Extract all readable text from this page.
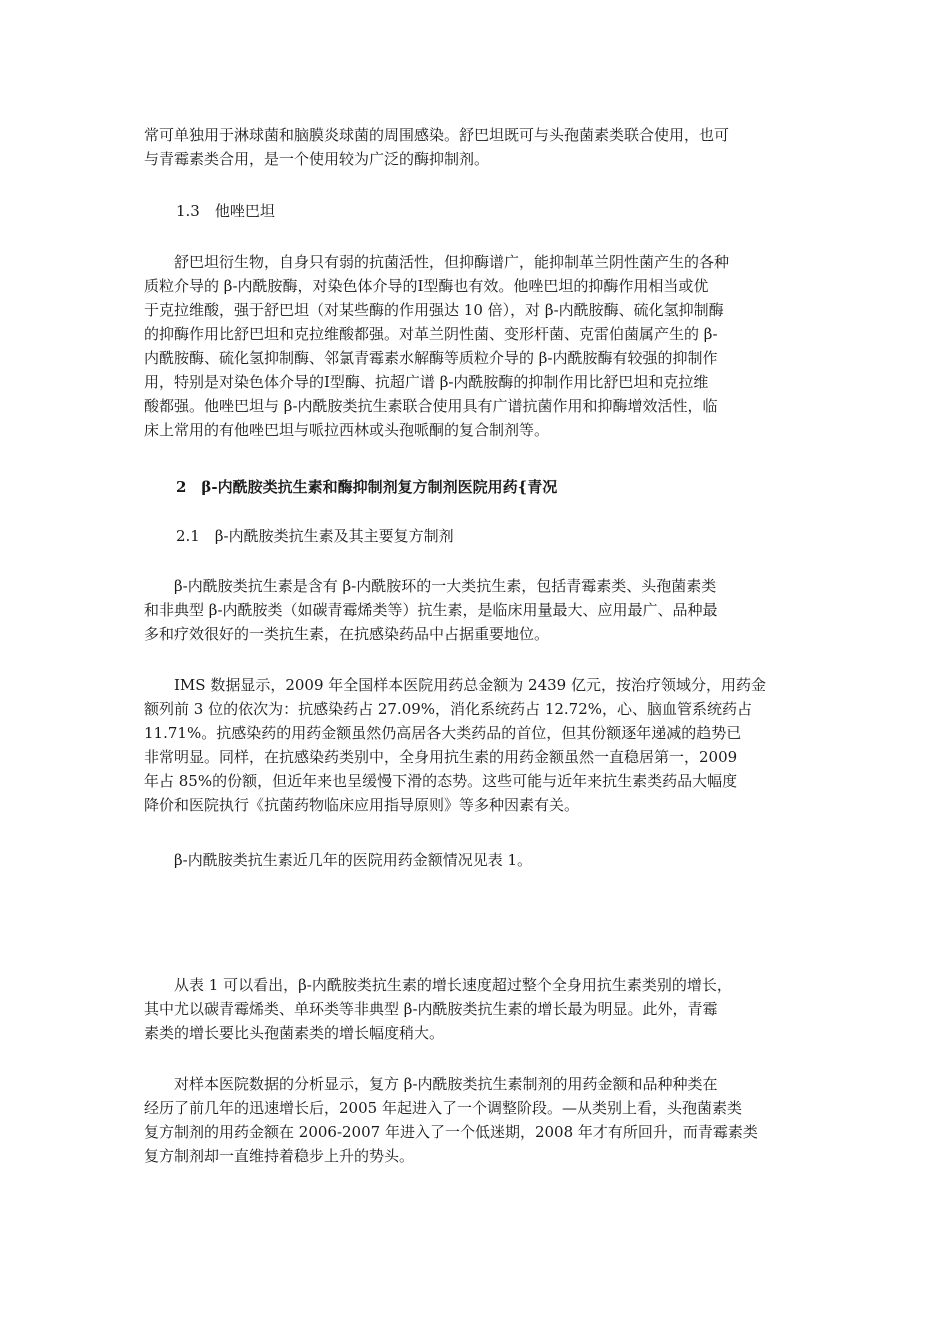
常可单独用于淋球菌和脑膜炎球菌的周围感染。舒巴坦既可与头孢菌素类联合使用，也可
与青霉素类合用，是一个使用较为广泛的酶抑制剂。
1.3　他唑巴坦
舒巴坦衍生物，自身只有弱的抗菌活性，但抑酶谱广，能抑制革兰阴性菌产生的各种
质粒介导的 β-内酰胺酶，对染色体介导的Ⅰ型酶也有效。他唑巴坦的抑酶作用相当或优
于克拉维酸，强于舒巴坦（对某些酶的作用强达 10 倍），对 β-内酰胺酶、硫化氢抑制酶
的抑酶作用比舒巴坦和克拉维酸都强。对革兰阴性菌、变形杆菌、克雷伯菌属产生的 β-
内酰胺酶、硫化氢抑制酶、邻氯青霉素水解酶等质粒介导的 β-内酰胺酶有较强的抑制作
用，特别是对染色体介导的Ⅰ型酶、抗超广谱 β-内酰胺酶的抑制作用比舒巴坦和克拉维
酸都强。他唑巴坦与 β-内酰胺类抗生素联合使用具有广谱抗菌作用和抑酶增效活性，临
床上常用的有他唑巴坦与哌拉西林或头孢哌酮的复合制剂等。
2　β-内酰胺类抗生素和酶抑制剂复方制剂医院用药{青况
2.1　β-内酰胺类抗生素及其主要复方制剂
β-内酰胺类抗生素是含有 β-内酰胺环的一大类抗生素，包括青霉素类、头孢菌素类
和非典型 β-内酰胺类（如碳青霉烯类等）抗生素，是临床用量最大、应用最广、品种最
多和疗效很好的一类抗生素，在抗感染药品中占据重要地位。
IMS 数据显示，2009 年全国样本医院用药总金额为 2439 亿元，按治疗领域分，用药金
额列前 3 位的依次为：抗感染药占 27.09%，消化系统药占 12.72%，心、脑血管系统药占
11.71%。抗感染药的用药金额虽然仍高居各大类药品的首位，但其份额逐年递减的趋势已
非常明显。同样，在抗感染药类别中，全身用抗生素的用药金额虽然一直稳居第一，2009
年占 85%的份额，但近年来也呈缓慢下滑的态势。这些可能与近年来抗生素类药品大幅度
降价和医院执行《抗菌药物临床应用指导原则》等多种因素有关。
β-内酰胺类抗生素近几年的医院用药金额情况见表 1。
从表 1 可以看出，β-内酰胺类抗生素的增长速度超过整个全身用抗生素类别的增长，
其中尤以碳青霉烯类、单环类等非典型 β-内酰胺类抗生素的增长最为明显。此外，青霉
素类的增长要比头孢菌素类的增长幅度稍大。
对样本医院数据的分析显示，复方 β-内酰胺类抗生素制剂的用药金额和品种种类在
经历了前几年的迅速增长后，2005 年起进入了一个调整阶段。—从类别上看，头孢菌素类
复方制剂的用药金额在 2006-2007 年进入了一个低迷期，2008 年才有所回升，而青霉素类
复方制剂却一直维持着稳步上升的势头。
